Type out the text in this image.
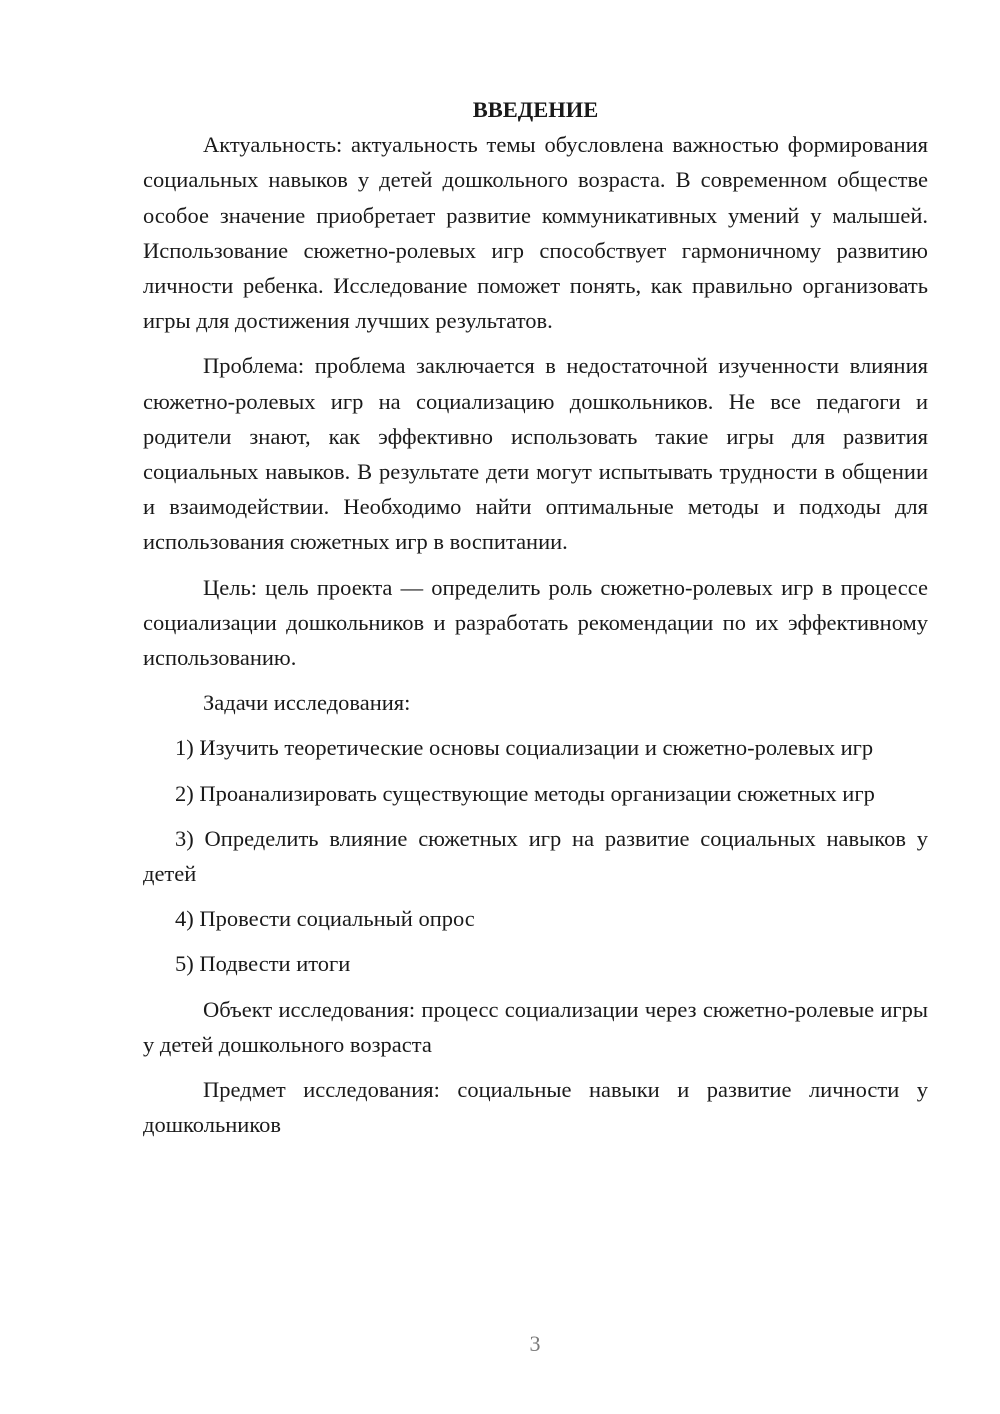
ВВЕДЕНИЕ

Актуальность: актуальность темы обусловлена важностью формирования социальных навыков у детей дошкольного возраста. В современном обществе особое значение приобретает развитие коммуникативных умений у малышей. Использование сюжетно-ролевых игр способствует гармоничному развитию личности ребенка. Исследование поможет понять, как правильно организовать игры для достижения лучших результатов.

Проблема: проблема заключается в недостаточной изученности влияния сюжетно-ролевых игр на социализацию дошкольников. Не все педагоги и родители знают, как эффективно использовать такие игры для развития социальных навыков. В результате дети могут испытывать трудности в общении и взаимодействии. Необходимо найти оптимальные методы и подходы для использования сюжетных игр в воспитании.

Цель: цель проекта — определить роль сюжетно-ролевых игр в процессе социализации дошкольников и разработать рекомендации по их эффективному использованию.

Задачи исследования:

1) Изучить теоретические основы социализации и сюжетно-ролевых игр

2) Проанализировать существующие методы организации сюжетных игр

3) Определить влияние сюжетных игр на развитие социальных навыков у детей

4) Провести социальный опрос

5) Подвести итоги

Объект исследования: процесс социализации через сюжетно-ролевые игры у детей дошкольного возраста

Предмет исследования: социальные навыки и развитие личности у дошкольников

3
